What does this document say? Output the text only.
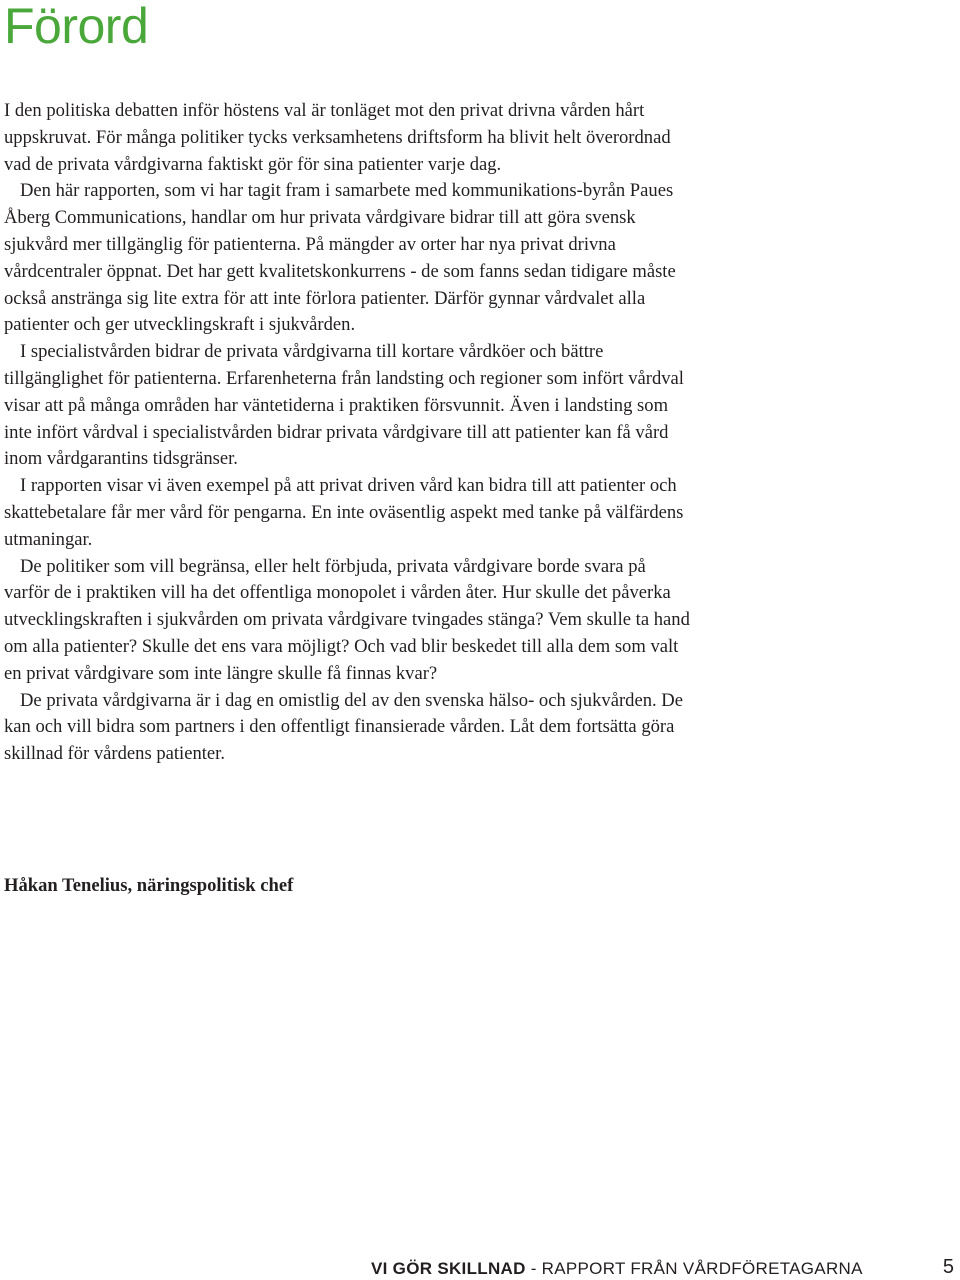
Förord

I den politiska debatten inför höstens val är tonläget mot den privat drivna vården hårt uppskruvat. För många politiker tycks verksamhetens driftsform ha blivit helt överordnad vad de privata vårdgivarna faktiskt gör för sina patienter varje dag.

Den här rapporten, som vi har tagit fram i samarbete med kommunikations-byrån Paues Åberg Communications, handlar om hur privata vårdgivare bidrar till att göra svensk sjukvård mer tillgänglig för patienterna. På mängder av orter har nya privat drivna vårdcentraler öppnat. Det har gett kvalitetskonkurrens - de som fanns sedan tidigare måste också anstränga sig lite extra för att inte förlora patienter. Därför gynnar vårdvalet alla patienter och ger utvecklingskraft i sjukvården.

I specialistvården bidrar de privata vårdgivarna till kortare vårdköer och bättre tillgänglighet för patienterna. Erfarenheterna från landsting och regioner som infört vårdval visar att på många områden har väntetiderna i praktiken försvunnit. Även i landsting som inte infört vårdval i specialistvården bidrar privata vårdgivare till att patienter kan få vård inom vårdgarantins tidsgränser.

I rapporten visar vi även exempel på att privat driven vård kan bidra till att patienter och skattebetalare får mer vård för pengarna. En inte oväsentlig aspekt med tanke på välfärdens utmaningar.

De politiker som vill begränsa, eller helt förbjuda, privata vårdgivare borde svara på varför de i praktiken vill ha det offentliga monopolet i vården åter. Hur skulle det påverka utvecklingskraften i sjukvården om privata vårdgivare tvingades stänga? Vem skulle ta hand om alla patienter? Skulle det ens vara möjligt? Och vad blir beskedet till alla dem som valt en privat vårdgivare som inte längre skulle få finnas kvar?

De privata vårdgivarna är i dag en omistlig del av den svenska hälso- och sjukvården. De kan och vill bidra som partners i den offentligt finansierade vården. Låt dem fortsätta göra skillnad för vårdens patienter.

Håkan Tenelius, näringspolitisk chef

VI GÖR SKILLNAD - RAPPORT FRÅN VÅRDFÖRETAGARNA	5
